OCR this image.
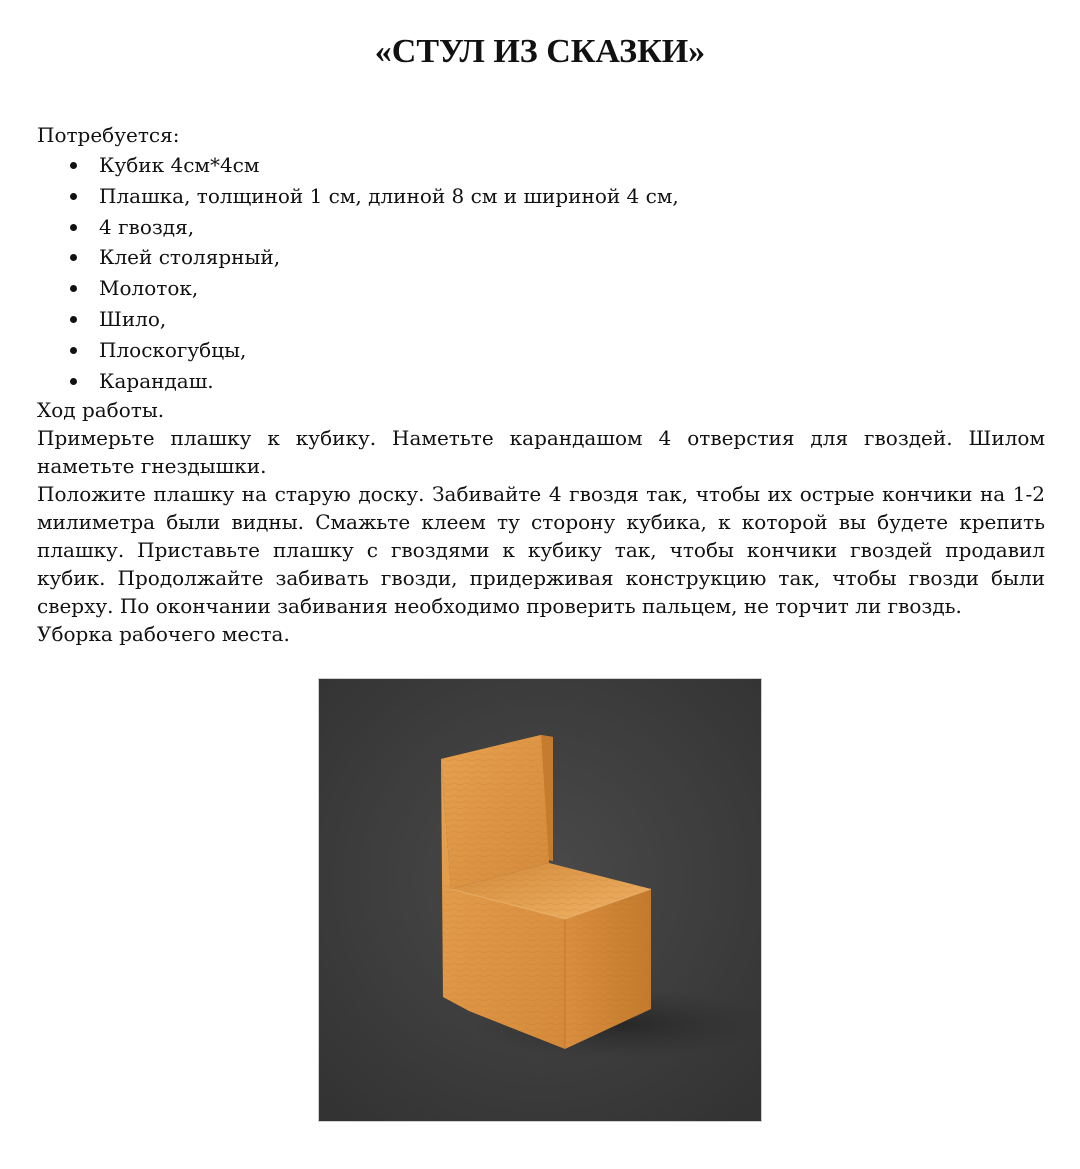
«СТУЛ ИЗ СКАЗКИ»

Потребуется:

Кубик 4см*4см
Плашка, толщиной 1 см, длиной 8 см и шириной 4 см,
4 гвоздя,
Клей столярный,
Молоток,
Шило,
Плоскогубцы,
Карандаш.

Ход работы.

Примерьте плашку к кубику. Наметьте карандашом 4 отверстия для гвоздей. Шилом наметьте гнездышки.

Положите плашку на старую доску. Забивайте 4 гвоздя так, чтобы их острые кончики на 1-2 милиметра были видны. Смажьте клеем ту сторону кубика, к которой вы будете крепить плашку. Приставьте плашку с гвоздями к кубику так, чтобы кончики гвоздей продавил кубик. Продолжайте забивать гвозди, придерживая конструкцию так, чтобы гвозди были сверху. По окончании забивания необходимо проверить пальцем, не торчит ли гвоздь.

Уборка рабочего места.
